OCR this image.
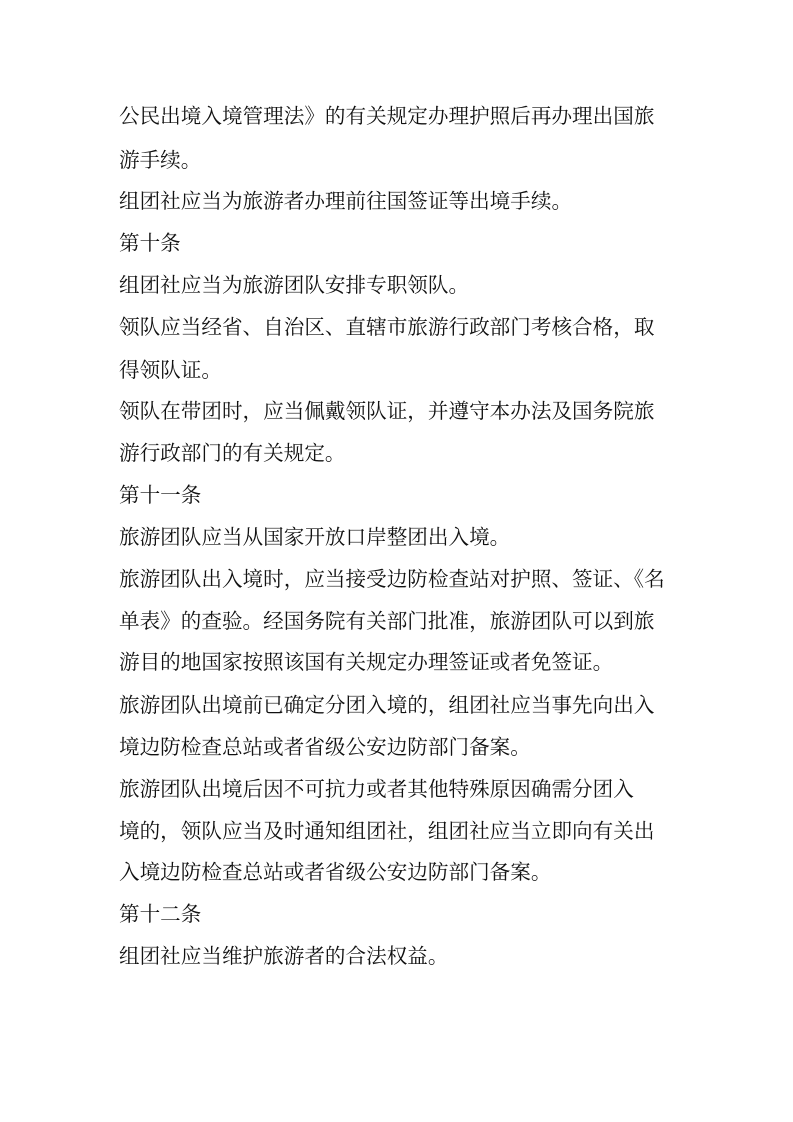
公民出境入境管理法》的有关规定办理护照后再办理出国旅
游手续。
组团社应当为旅游者办理前往国签证等出境手续。
第十条
组团社应当为旅游团队安排专职领队。
领队应当经省、自治区、直辖市旅游行政部门考核合格，取
得领队证。
领队在带团时，应当佩戴领队证，并遵守本办法及国务院旅
游行政部门的有关规定。
第十一条
旅游团队应当从国家开放口岸整团出入境。
旅游团队出入境时，应当接受边防检查站对护照、签证、《名
单表》的查验。经国务院有关部门批准，旅游团队可以到旅
游目的地国家按照该国有关规定办理签证或者免签证。
旅游团队出境前已确定分团入境的，组团社应当事先向出入
境边防检查总站或者省级公安边防部门备案。
旅游团队出境后因不可抗力或者其他特殊原因确需分团入
境的，领队应当及时通知组团社，组团社应当立即向有关出
入境边防检查总站或者省级公安边防部门备案。
第十二条
组团社应当维护旅游者的合法权益。
